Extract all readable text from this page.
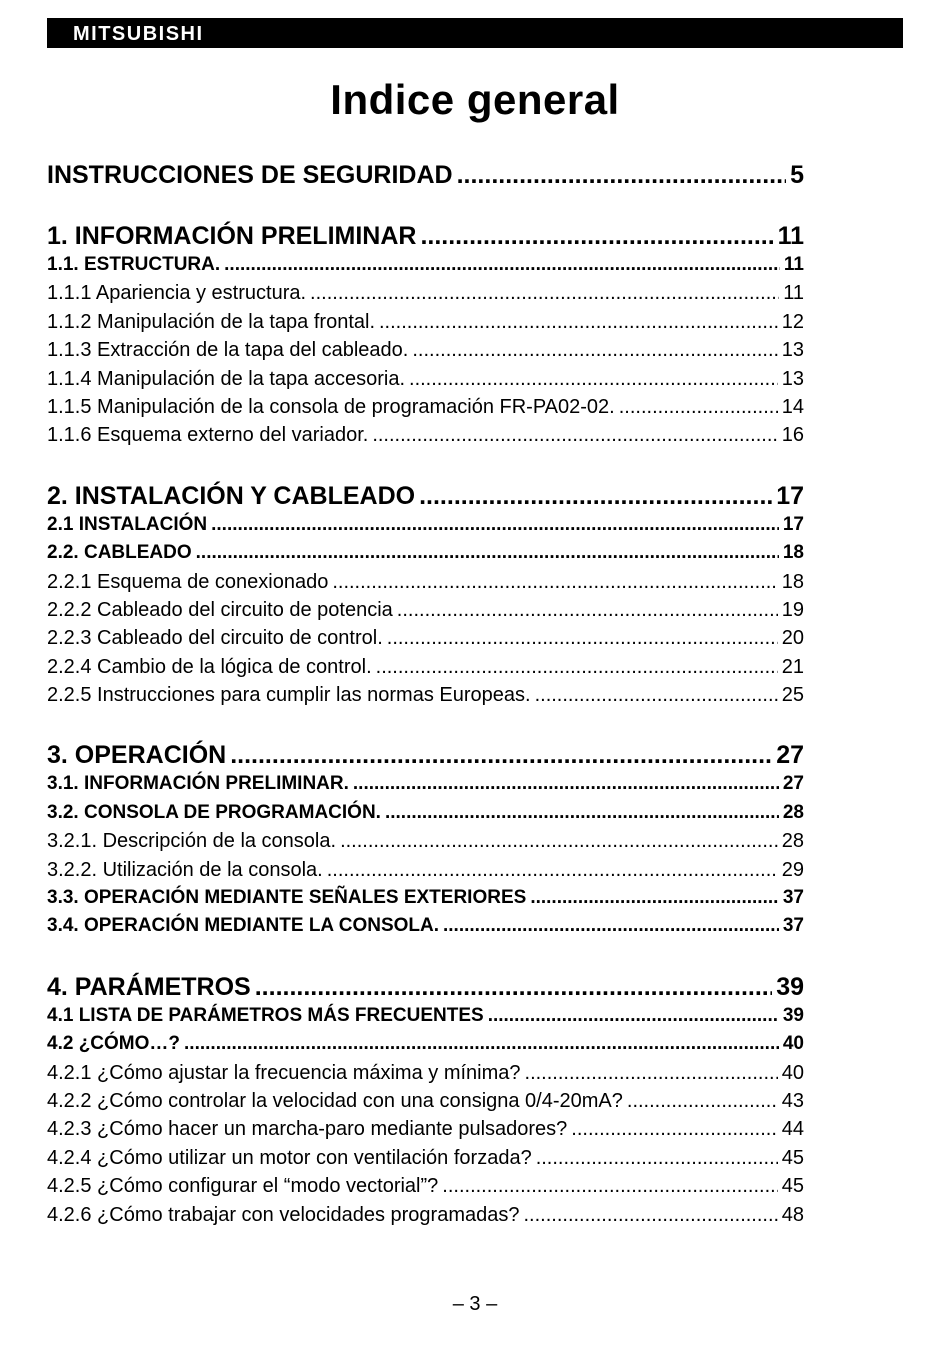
MITSUBISHI
Indice general
INSTRUCCIONES DE SEGURIDAD .....	5
1. INFORMACIÓN PRELIMINAR .....	11
1.1. ESTRUCTURA. .....	11
1.1.1 Apariencia y estructura. .....	11
1.1.2 Manipulación de la tapa frontal. .....	12
1.1.3 Extracción de la tapa del cableado. .....	13
1.1.4 Manipulación de la tapa accesoria. .....	13
1.1.5 Manipulación de la consola de programación FR-PA02-02. .....	14
1.1.6 Esquema externo del variador. .....	16
2. INSTALACIÓN Y CABLEADO .....	17
2.1 INSTALACIÓN .....	17
2.2. CABLEADO .....	18
2.2.1 Esquema de conexionado .....	18
2.2.2 Cableado del circuito de potencia .....	19
2.2.3 Cableado del circuito de control. .....	20
2.2.4 Cambio de la lógica de control. .....	21
2.2.5 Instrucciones para cumplir las normas Europeas. .....	25
3. OPERACIÓN .....	27
3.1. INFORMACIÓN PRELIMINAR. .....	27
3.2. CONSOLA DE PROGRAMACIÓN. .....	28
3.2.1. Descripción de la consola. .....	28
3.2.2. Utilización de la consola. .....	29
3.3. OPERACIÓN MEDIANTE SEÑALES EXTERIORES .....	37
3.4. OPERACIÓN MEDIANTE LA CONSOLA. .....	37
4. PARÁMETROS .....	39
4.1 LISTA DE PARÁMETROS MÁS FRECUENTES .....	39
4.2 ¿CÓMO…? .....	40
4.2.1 ¿Cómo ajustar la frecuencia máxima y mínima? .....	40
4.2.2 ¿Cómo controlar la velocidad con una consigna 0/4-20mA? .....	43
4.2.3 ¿Cómo hacer un marcha-paro mediante pulsadores? .....	44
4.2.4 ¿Cómo utilizar un motor con ventilación forzada? .....	45
4.2.5 ¿Cómo configurar el “modo vectorial”? .....	45
4.2.6 ¿Cómo trabajar con velocidades programadas? .....	48
– 3 –
